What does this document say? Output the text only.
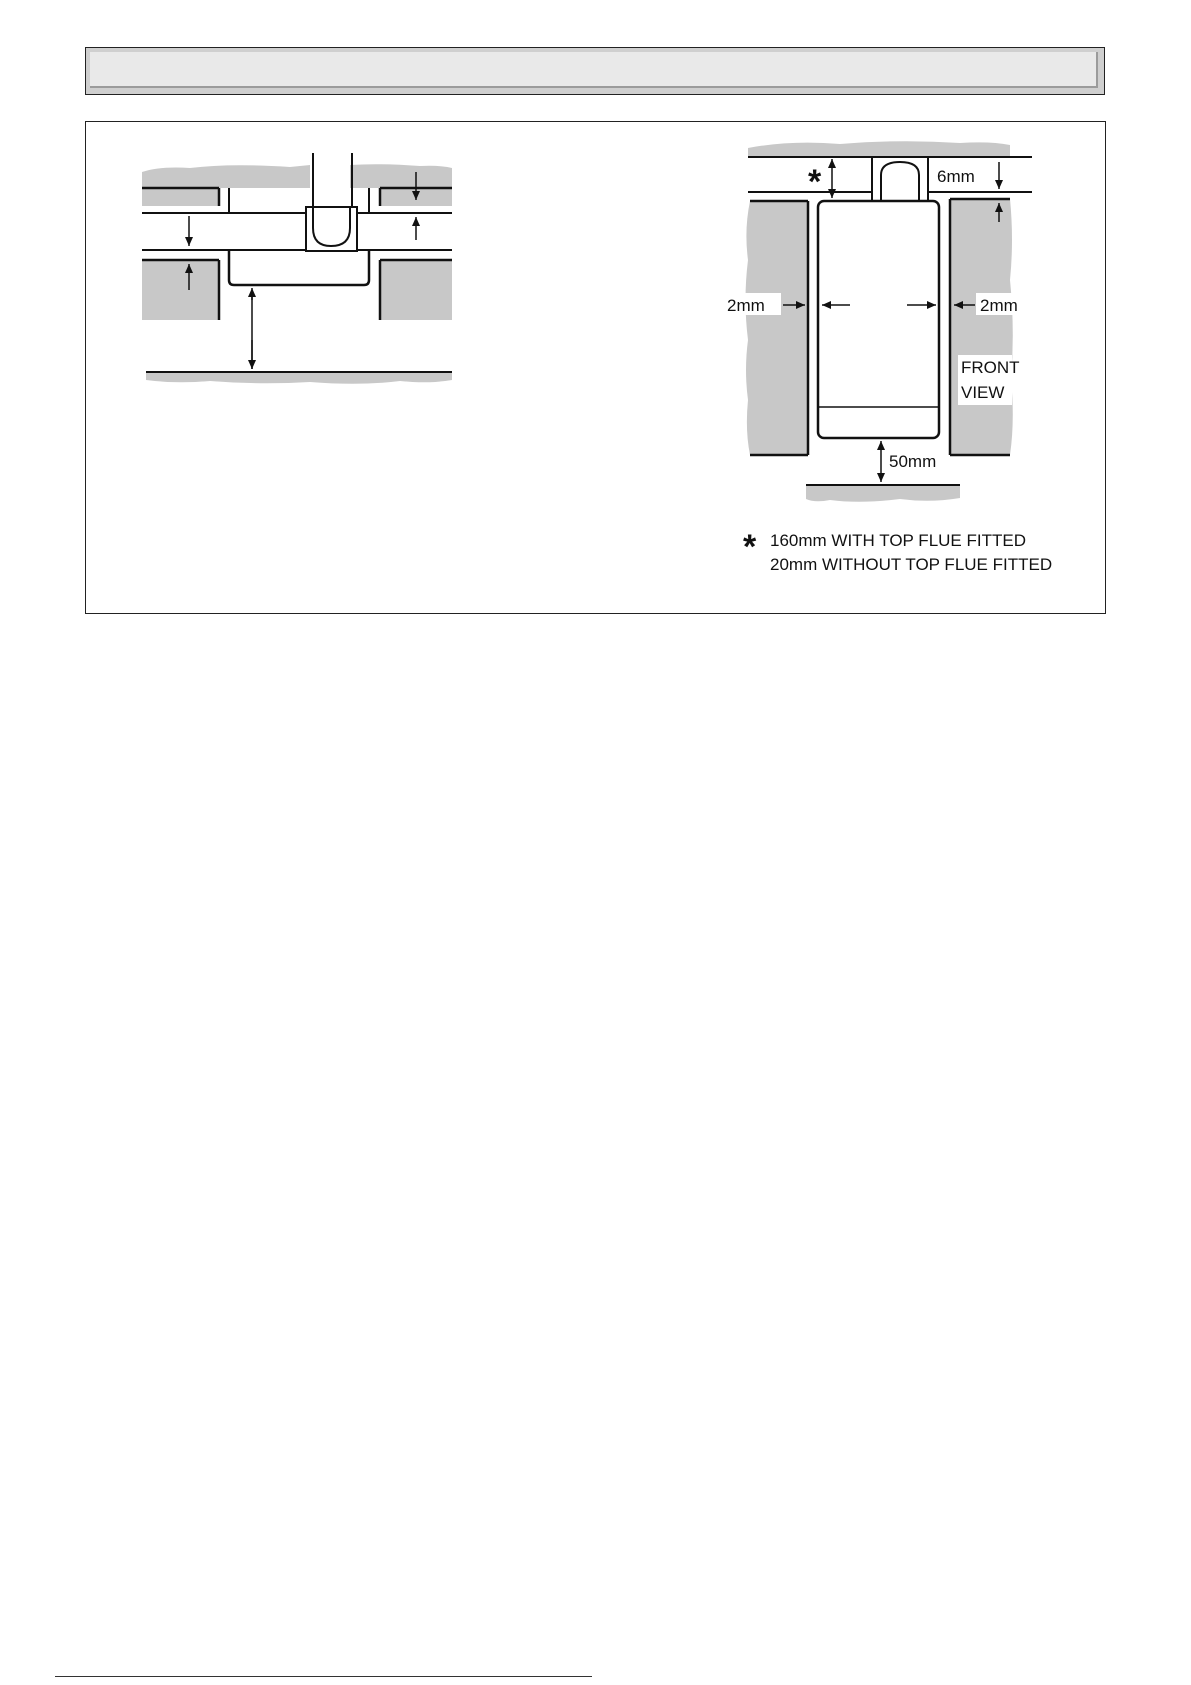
*	6mm
2mm	2mm
50mm
FRONT
VIEW
* 160mm WITH TOP FLUE FITTED
20mm WITHOUT TOP FLUE FITTED
